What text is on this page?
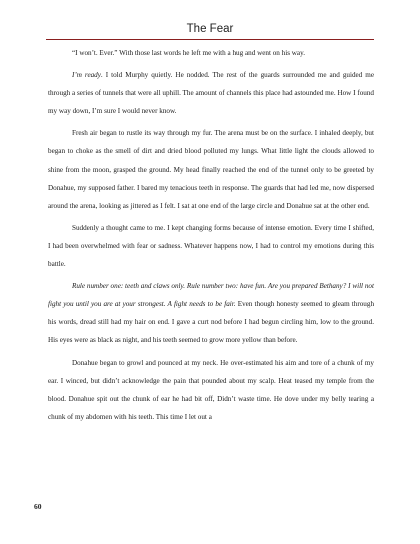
The Fear

“I won’t. Ever.” With those last words he left me with a hug and went on his way.

I’m ready. I told Murphy quietly. He nodded. The rest of the guards surrounded me and guided me through a series of tunnels that were all uphill. The amount of channels this place had astounded me. How I found my way down, I’m sure I would never know.

Fresh air began to rustle its way through my fur. The arena must be on the surface. I inhaled deeply, but began to choke as the smell of dirt and dried blood polluted my lungs. What little light the clouds allowed to shine from the moon, grasped the ground. My head finally reached the end of the tunnel only to be greeted by Donahue, my supposed father. I bared my tenacious teeth in response. The guards that had led me, now dispersed around the arena, looking as jittered as I felt. I sat at one end of the large circle and Donahue sat at the other end.

Suddenly a thought came to me. I kept changing forms because of intense emotion. Every time I shifted, I had been overwhelmed with fear or sadness. Whatever happens now, I had to control my emotions during this battle.

Rule number one: teeth and claws only. Rule number two: have fun. Are you prepared Bethany? I will not fight you until you are at your strongest. A fight needs to be fair. Even though honesty seemed to gleam through his words, dread still had my hair on end. I gave a curt nod before I had begun circling him, low to the ground. His eyes were as black as night, and his teeth seemed to grow more yellow than before.

Donahue began to growl and pounced at my neck. He over-estimated his aim and tore of a chunk of my ear. I winced, but didn’t acknowledge the pain that pounded about my scalp. Heat teased my temple from the blood. Donahue spit out the chunk of ear he had bit off, Didn’t waste time. He dove under my belly tearing a chunk of my abdomen with his teeth. This time I let out a

60
